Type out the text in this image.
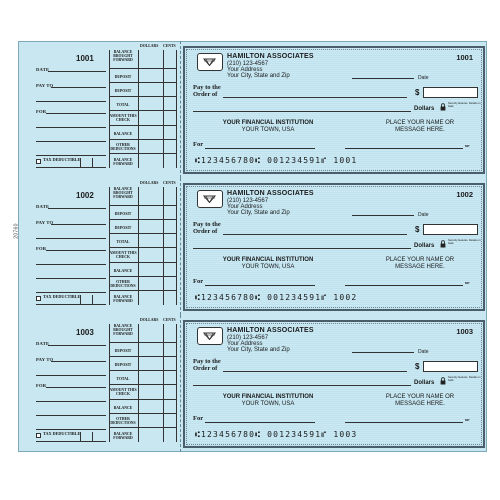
20760
1001
DOLLARS CENTS
DATE
PAY TO
FOR
BALANCE BROUGHT FORWARD
DEPOSIT
DEPOSIT
TOTAL
AMOUNT THIS CHECK
BALANCE
OTHER DEDUCTIONS
BALANCE FORWARD
TAX DEDUCTIBLE
HAMILTON ASSOCIATES
(210) 123-4567
Your Address
Your City, State and Zip
1001
Date
Pay to the
Order of	$
Dollars
Security features. Details on back.
YOUR FINANCIAL INSTITUTION
YOUR TOWN, USA
PLACE YOUR NAME OR
MESSAGE HERE.
For	MP
⑆123456780⑆ 001234591⑈ 1001
1002
DOLLARS CENTS
DATE
PAY TO
FOR
BALANCE BROUGHT FORWARD
DEPOSIT
DEPOSIT
TOTAL
AMOUNT THIS CHECK
BALANCE
OTHER DEDUCTIONS
BALANCE FORWARD
TAX DEDUCTIBLE
HAMILTON ASSOCIATES
(210) 123-4567
Your Address
Your City, State and Zip
1002
Date
Pay to the
Order of	$
Dollars
Security features. Details on back.
YOUR FINANCIAL INSTITUTION
YOUR TOWN, USA
PLACE YOUR NAME OR
MESSAGE HERE.
For	MP
⑆123456780⑆ 001234591⑈ 1002
1003
DOLLARS CENTS
DATE
PAY TO
FOR
BALANCE BROUGHT FORWARD
DEPOSIT
DEPOSIT
TOTAL
AMOUNT THIS CHECK
BALANCE
OTHER DEDUCTIONS
BALANCE FORWARD
TAX DEDUCTIBLE
HAMILTON ASSOCIATES
(210) 123-4567
Your Address
Your City, State and Zip
1003
Date
Pay to the
Order of	$
Dollars
Security features. Details on back.
YOUR FINANCIAL INSTITUTION
YOUR TOWN, USA
PLACE YOUR NAME OR
MESSAGE HERE.
For	MP
⑆123456780⑆ 001234591⑈ 1003
